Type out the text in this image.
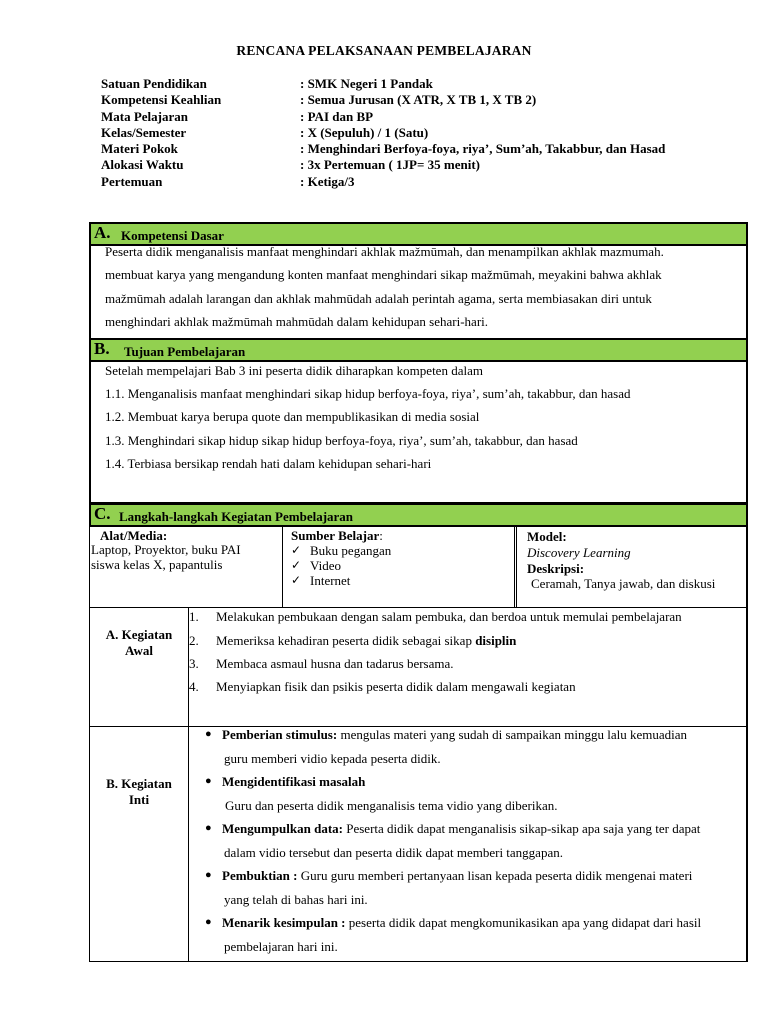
RENCANA PELAKSANAAN PEMBELAJARAN
Satuan Pendidikan	: SMK Negeri 1 Pandak
Kompetensi Keahlian	: Semua Jurusan (X ATR, X TB 1, X TB 2)
Mata Pelajaran	: PAI dan BP
Kelas/Semester	: X (Sepuluh) / 1 (Satu)
Materi Pokok	: Menghindari Berfoya-foya, riya’, Sum’ah, Takabbur, dan Hasad
Alokasi Waktu	: 3x Pertemuan ( 1JP= 35 menit)
Pertemuan	: Ketiga/3
A. Kompetensi Dasar
Peserta didik menganalisis manfaat menghindari akhlak mažmūmah, dan menampilkan akhlak mazmumah.
membuat karya yang mengandung konten manfaat menghindari sikap mažmūmah, meyakini bahwa akhlak
mažmūmah adalah larangan dan akhlak mahmūdah adalah perintah agama, serta membiasakan diri untuk
menghindari akhlak mažmūmah mahmūdah dalam kehidupan sehari-hari.
B. Tujuan Pembelajaran
Setelah mempelajari Bab 3 ini peserta didik diharapkan kompeten dalam
1.1. Menganalisis manfaat menghindari sikap hidup berfoya-foya, riya’, sum’ah, takabbur, dan hasad
1.2. Membuat karya berupa quote dan mempublikasikan di media sosial
1.3. Menghindari sikap hidup sikap hidup berfoya-foya, riya’, sum’ah, takabbur, dan hasad
1.4. Terbiasa bersikap rendah hati dalam kehidupan sehari-hari
C. Langkah-langkah Kegiatan Pembelajaran
Alat/Media:
Laptop, Proyektor, buku PAI
siswa kelas X, papantulis
Sumber Belajar:
✓ Buku pegangan
✓ Video
✓ Internet
Model:
Discovery Learning
Deskripsi:
Ceramah, Tanya jawab, dan diskusi
A. Kegiatan
Awal
1. Melakukan pembukaan dengan salam pembuka, dan berdoa untuk memulai pembelajaran
2. Memeriksa kehadiran peserta didik sebagai sikap disiplin
3. Membaca asmaul husna dan tadarus bersama.
4. Menyiapkan fisik dan psikis peserta didik dalam mengawali kegiatan
B. Kegiatan
Inti
● Pemberian stimulus: mengulas materi yang sudah di sampaikan minggu lalu kemuadian
guru memberi vidio kepada peserta didik.
● Mengidentifikasi masalah
Guru dan peserta didik menganalisis tema vidio yang diberikan.
● Mengumpulkan data: Peserta didik dapat menganalisis sikap-sikap apa saja yang ter dapat
dalam vidio tersebut dan peserta didik dapat memberi tanggapan.
● Pembuktian : Guru guru memberi pertanyaan lisan kepada peserta didik mengenai materi
yang telah di bahas hari ini.
● Menarik kesimpulan : peserta didik dapat mengkomunikasikan apa yang didapat dari hasil
pembelajaran hari ini.
